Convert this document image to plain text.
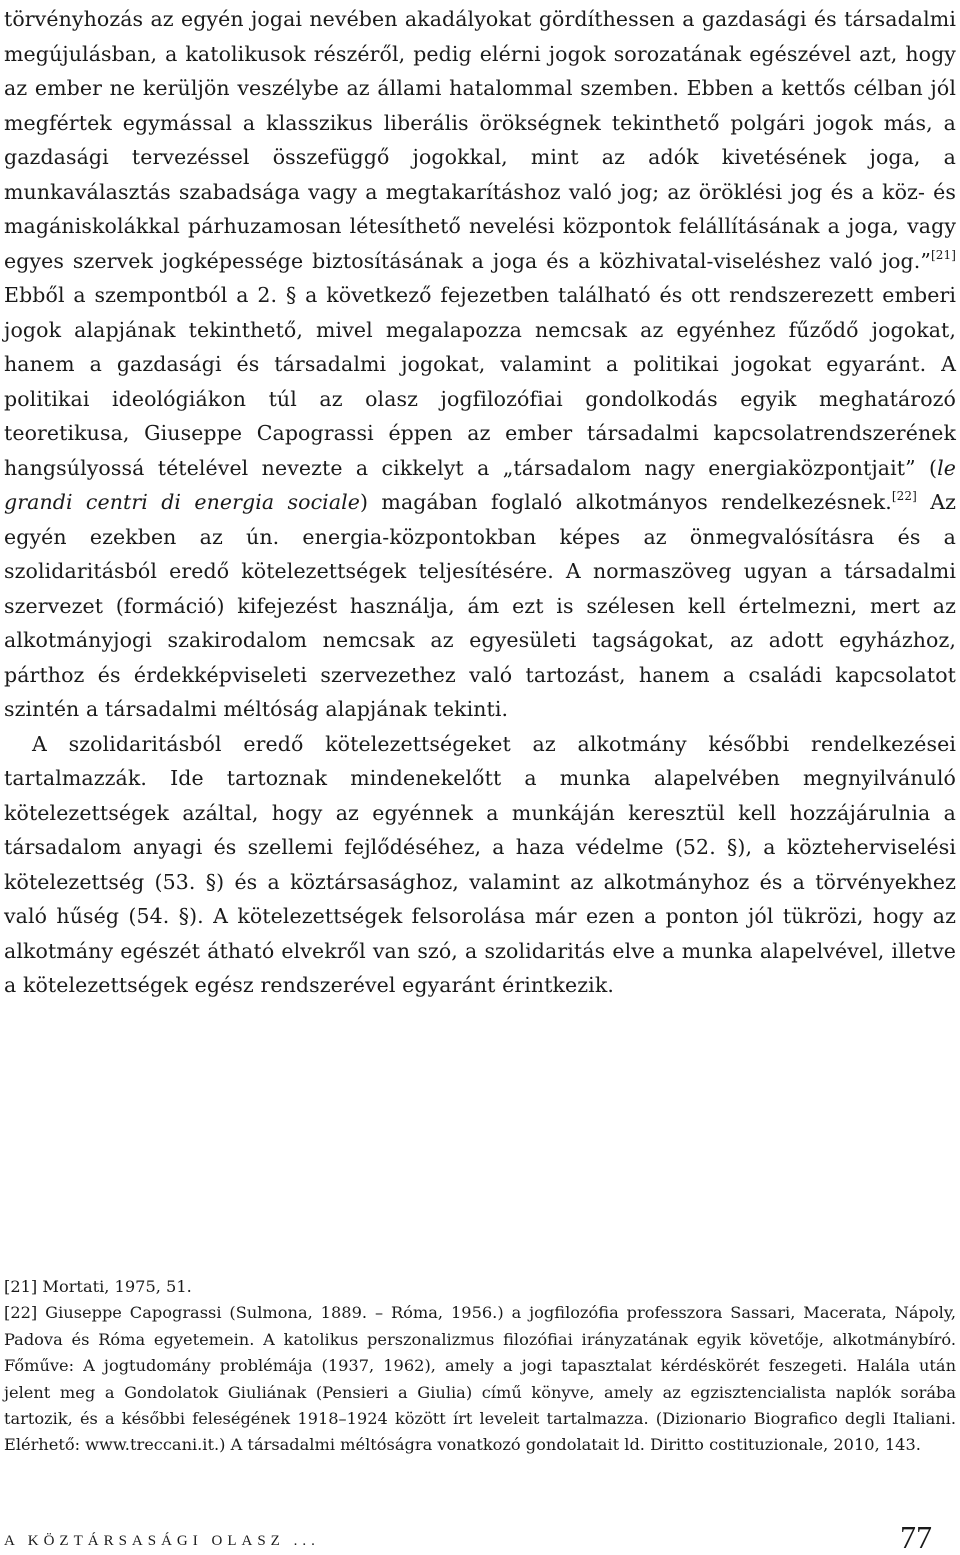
törvényhozás az egyén jogai nevében akadályokat gördíthessen a gazdasági és társadalmi megújulásban, a katolikusok részéről, pedig elérni jogok sorozatának egészével azt, hogy az ember ne kerüljön veszélybe az állami hatalommal szemben. Ebben a kettős célban jól megfértek egymással a klasszikus liberális örökségnek tekinthető polgári jogok más, a gazdasági tervezéssel összefüggő jogokkal, mint az adók kivetésének joga, a munkaválasztás szabadsága vagy a megtakarításhoz való jog; az öröklési jog és a köz- és magániskolákkal párhuzamosan létesíthető nevelési központok felállításának a joga, vagy egyes szervek jogképessége biztosításának a joga és a közhivatal-viseléshez való jog.”[21] Ebből a szempontból a 2. § a következő fejezetben található és ott rendszerezett emberi jogok alapjának tekinthető, mivel megalapozza nemcsak az egyénhez fűződő jogokat, hanem a gazdasági és társadalmi jogokat, valamint a politikai jogokat egyaránt. A politikai ideológiákon túl az olasz jogfilozófiai gondolkodás egyik meghatározó teoretikusa, Giuseppe Capograssi éppen az ember társadalmi kapcsolatrendszerének hangsúlyossá tételével nevezte a cikkelyt a „társadalom nagy energiaközpontjait” (le grandi centri di energia sociale) magában foglaló alkotmányos rendelkezésnek.[22] Az egyén ezekben az ún. energia-központokban képes az önmegvalósításra és a szolidaritásból eredő kötelezettségek teljesítésére. A normaszöveg ugyan a társadalmi szervezet (formáció) kifejezést használja, ám ezt is szélesen kell értelmezni, mert az alkotmányjogi szakirodalom nemcsak az egyesületi tagságokat, az adott egyházhoz, párthoz és érdekképviseleti szervezethez való tartozást, hanem a családi kapcsolatot szintén a társadalmi méltóság alapjának tekinti.

A szolidaritásból eredő kötelezettségeket az alkotmány későbbi rendelkezései tartalmazzák. Ide tartoznak mindenekelőtt a munka alapelvében megnyilvánuló kötelezettségek azáltal, hogy az egyénnek a munkáján keresztül kell hozzájárulnia a társadalom anyagi és szellemi fejlődéséhez, a haza védelme (52. §), a közteherviselési kötelezettség (53. §) és a köztársasághoz, valamint az alkotmányhoz és a törvényekhez való hűség (54. §). A kötelezettségek felsorolása már ezen a ponton jól tükrözi, hogy az alkotmány egészét átható elvekről van szó, a szolidaritás elve a munka alapelvével, illetve a kötelezettségek egész rendszerével egyaránt érintkezik.

[21] Mortati, 1975, 51.

[22] Giuseppe Capograssi (Sulmona, 1889. – Róma, 1956.) a jogfilozófia professzora Sassari, Macerata, Nápoly, Padova és Róma egyetemein. A katolikus perszonalizmus filozófiai irányzatának egyik követője, alkotmánybíró. Főműve: A jogtudomány problémája (1937, 1962), amely a jogi tapasztalat kérdéskörét feszegeti. Halála után jelent meg a Gondolatok Giuliának (Pensieri a Giulia) című könyve, amely az egzisztencialista naplók sorába tartozik, és a későbbi feleségének 1918–1924 között írt leveleit tartalmazza. (Dizionario Biografico degli Italiani. Elérhető: www.treccani.it.) A társadalmi méltóságra vonatkozó gondolatait ld. Diritto costituzionale, 2010, 143.

A KÖZTÁRSASÁGI OLASZ ...	77
